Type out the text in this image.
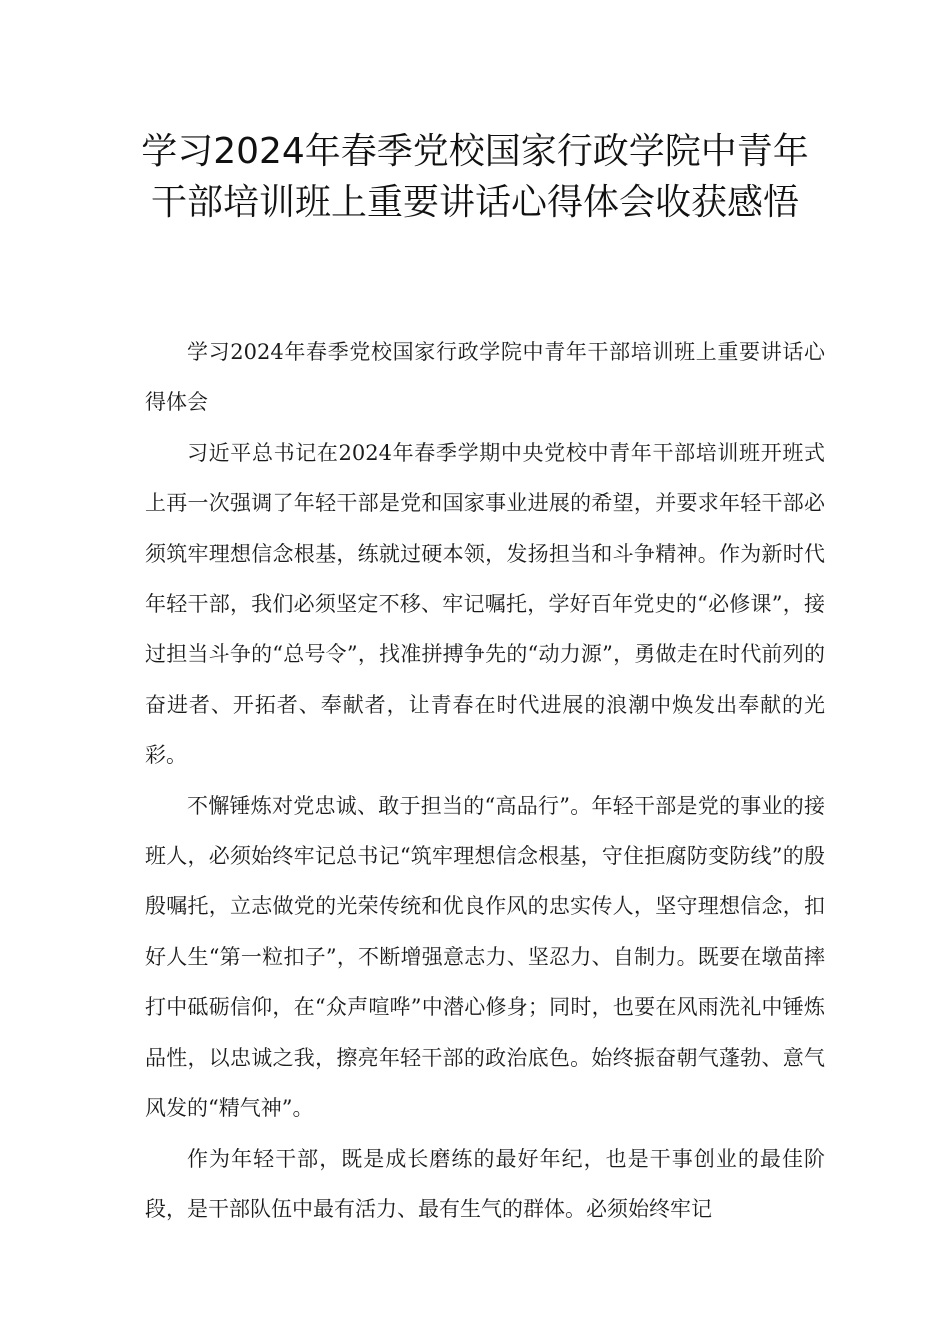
学习2024年春季党校国家行政学院中青年干部培训班上重要讲话心得体会收获感悟

学习2024年春季党校国家行政学院中青年干部培训班上重要讲话心得体会

习近平总书记在2024年春季学期中央党校中青年干部培训班开班式上再一次强调了年轻干部是党和国家事业进展的希望，并要求年轻干部必须筑牢理想信念根基，练就过硬本领，发扬担当和斗争精神。作为新时代年轻干部，我们必须坚定不移、牢记嘱托，学好百年党史的“必修课”，接过担当斗争的“总号令”，找准拼搏争先的“动力源”，勇做走在时代前列的奋进者、开拓者、奉献者，让青春在时代进展的浪潮中焕发出奉献的光彩。

不懈锤炼对党忠诚、敢于担当的“高品行”。年轻干部是党的事业的接班人，必须始终牢记总书记“筑牢理想信念根基，守住拒腐防变防线”的殷殷嘱托，立志做党的光荣传统和优良作风的忠实传人，坚守理想信念，扣好人生“第一粒扣子”，不断增强意志力、坚忍力、自制力。既要在墩苗摔打中砥砺信仰，在“众声喧哗”中潜心修身；同时，也要在风雨洗礼中锤炼品性，以忠诚之我，擦亮年轻干部的政治底色。始终振奋朝气蓬勃、意气风发的“精气神”。

作为年轻干部，既是成长磨练的最好年纪，也是干事创业的最佳阶段，是干部队伍中最有活力、最有生气的群体。必须始终牢记
